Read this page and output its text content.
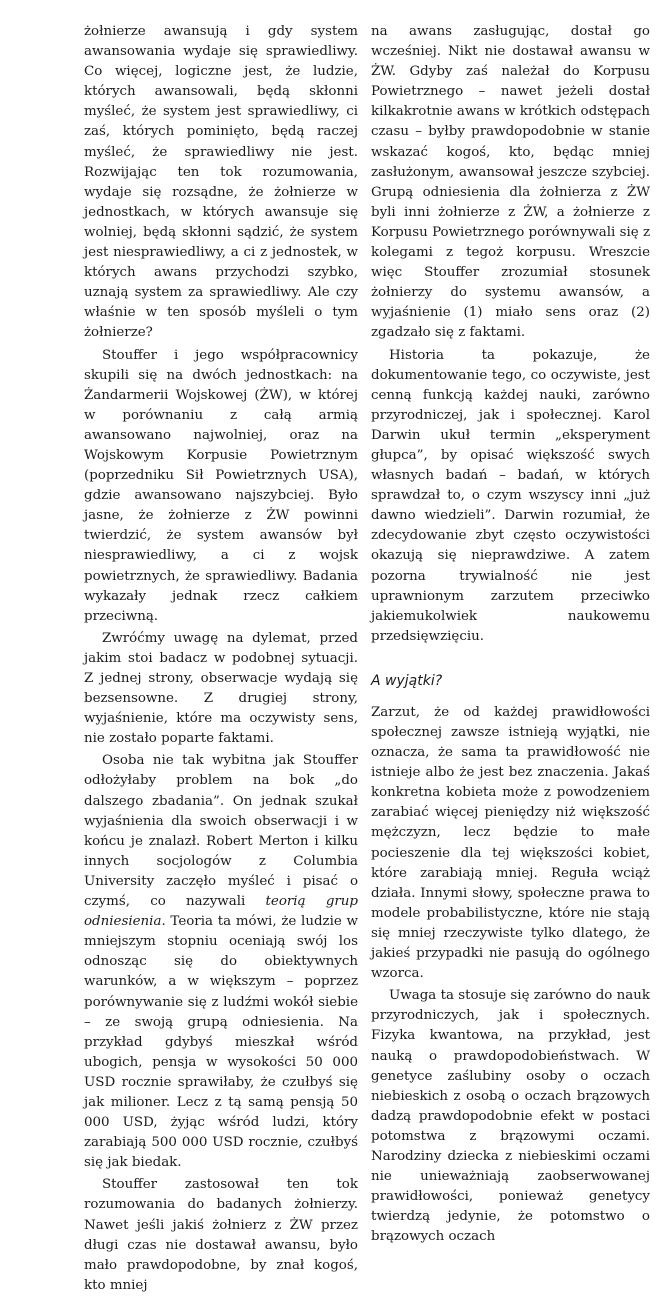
żołnierze awansują i gdy system awansowania wydaje się sprawiedliwy. Co więcej, logiczne jest, że ludzie, których awansowali, będą skłonni myśleć, że system jest sprawiedliwy, ci zaś, których pominięto, będą raczej myśleć, że sprawiedliwy nie jest. Rozwijając ten tok rozumowania, wydaje się rozsądne, że żołnierze w jednostkach, w których awansuje się wolniej, będą skłonni sądzić, że system jest niesprawiedliwy, a ci z jednostek, w których awans przychodzi szybko, uznają system za sprawiedliwy. Ale czy właśnie w ten sposób myśleli o tym żołnierze?

Stouffer i jego współpracownicy skupili się na dwóch jednostkach: na Żandarmerii Wojskowej (ŻW), w której w porównaniu z całą armią awansowano najwolniej, oraz na Wojskowym Korpusie Powietrznym (poprzedniku Sił Powietrznych USA), gdzie awansowano najszybciej. Było jasne, że żołnierze z ŻW powinni twierdzić, że system awansów był niesprawiedliwy, a ci z wojsk powietrznych, że sprawiedliwy. Badania wykazały jednak rzecz całkiem przeciwną.

Zwróćmy uwagę na dylemat, przed jakim stoi badacz w podobnej sytuacji. Z jednej strony, obserwacje wydają się bezsensowne. Z drugiej strony, wyjaśnienie, które ma oczywisty sens, nie zostało poparte faktami.

Osoba nie tak wybitna jak Stouffer odłożyłaby problem na bok „do dalszego zbadania”. On jednak szukał wyjaśnienia dla swoich obserwacji i w końcu je znalazł. Robert Merton i kilku innych socjologów z Columbia University zaczęło myśleć i pisać o czymś, co nazywali teorią grup odniesienia. Teoria ta mówi, że ludzie w mniejszym stopniu oceniają swój los odnosząc się do obiektywnych warunków, a w większym – poprzez porównywanie się z ludźmi wokół siebie – ze swoją grupą odniesienia. Na przykład gdybyś mieszkał wśród ubogich, pensja w wysokości 50 000 USD rocznie sprawiłaby, że czułbyś się jak milioner. Lecz z tą samą pensją 50 000 USD, żyjąc wśród ludzi, który zarabiają 500 000 USD rocznie, czułbyś się jak biedak.

Stouffer zastosował ten tok rozumowania do badanych żołnierzy. Nawet jeśli jakiś żołnierz z ŻW przez długi czas nie dostawał awansu, było mało prawdopodobne, by znał kogoś, kto mniej

na awans zasługując, dostał go wcześniej. Nikt nie dostawał awansu w ŻW. Gdyby zaś należał do Korpusu Powietrznego – nawet jeżeli dostał kilkakrotnie awans w krótkich odstępach czasu – byłby prawdopodobnie w stanie wskazać kogoś, kto, będąc mniej zasłużonym, awansował jeszcze szybciej. Grupą odniesienia dla żołnierza z ŻW byli inni żołnierze z ŻW, a żołnierze z Korpusu Powietrznego porównywali się z kolegami z tegoż korpusu. Wreszcie więc Stouffer zrozumiał stosunek żołnierzy do systemu awansów, a wyjaśnienie (1) miało sens oraz (2) zgadzało się z faktami.

Historia ta pokazuje, że dokumentowanie tego, co oczywiste, jest cenną funkcją każdej nauki, zarówno przyrodniczej, jak i społecznej. Karol Darwin ukuł termin „eksperyment głupca”, by opisać większość swych własnych badań – badań, w których sprawdzał to, o czym wszyscy inni „już dawno wiedzieli”. Darwin rozumiał, że zdecydowanie zbyt często oczywistości okazują się nieprawdziwe. A zatem pozorna trywialność nie jest uprawnionym zarzutem przeciwko jakiemukolwiek naukowemu przedsięwzięciu.

A wyjątki?

Zarzut, że od każdej prawidłowości społecznej zawsze istnieją wyjątki, nie oznacza, że sama ta prawidłowość nie istnieje albo że jest bez znaczenia. Jakaś konkretna kobieta może z powodzeniem zarabiać więcej pieniędzy niż większość mężczyzn, lecz będzie to małe pocieszenie dla tej większości kobiet, które zarabiają mniej. Reguła wciąż działa. Innymi słowy, społeczne prawa to modele probabilistyczne, które nie stają się mniej rzeczywiste tylko dlatego, że jakieś przypadki nie pasują do ogólnego wzorca.

Uwaga ta stosuje się zarówno do nauk przyrodniczych, jak i społecznych. Fizyka kwantowa, na przykład, jest nauką o prawdopodobieństwach. W genetyce zaślubiny osoby o oczach niebieskich z osobą o oczach brązowych dadzą prawdopodobnie efekt w postaci potomstwa z brązowymi oczami. Narodziny dziecka z niebieskimi oczami nie unieważniają zaobserwowanej prawidłowości, ponieważ genetycy twierdzą jedynie, że potomstwo o brązowych oczach
